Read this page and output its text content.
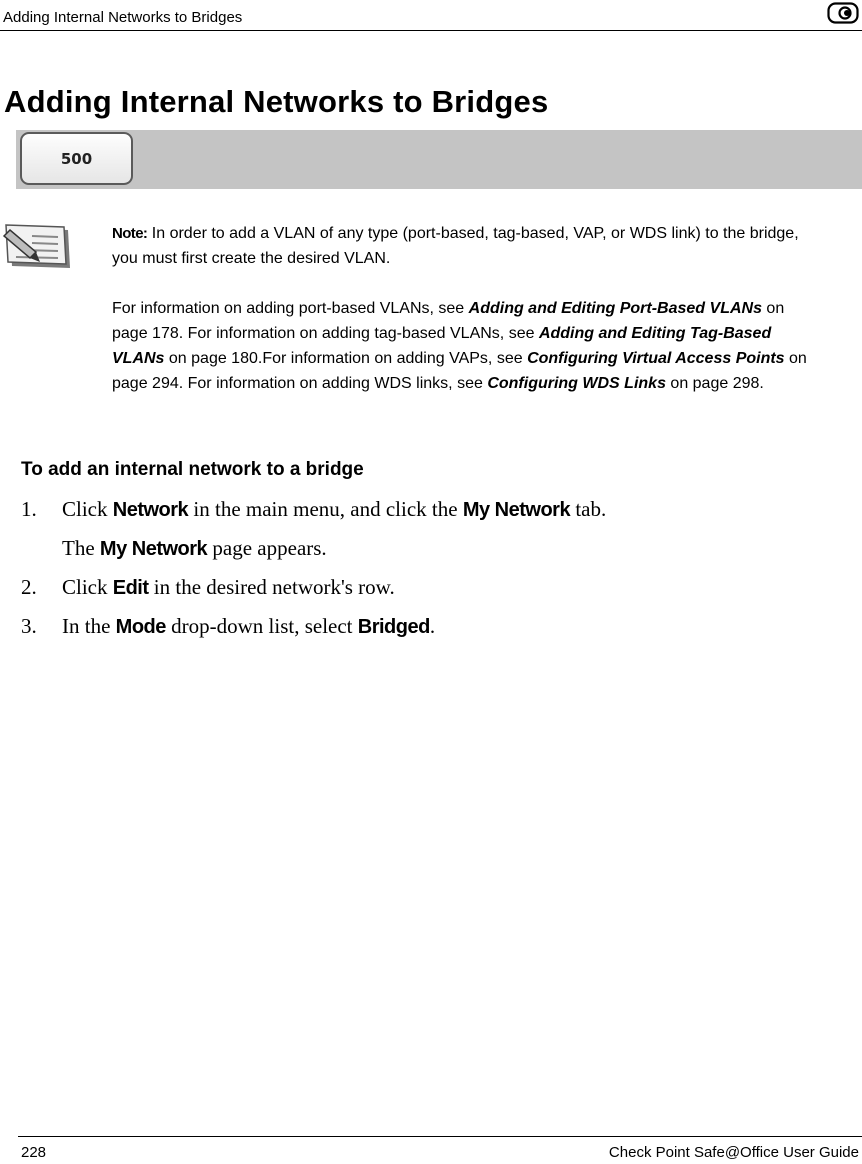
Adding Internal Networks to Bridges
Adding Internal Networks to Bridges
500

Note: In order to add a VLAN of any type (port-based, tag-based, VAP, or WDS link) to the bridge, you must first create the desired VLAN.

For information on adding port-based VLANs, see Adding and Editing Port-Based VLANs on page 178. For information on adding tag-based VLANs, see Adding and Editing Tag-Based VLANs on page 180.For information on adding VAPs, see Configuring Virtual Access Points on page 294. For information on adding WDS links, see Configuring WDS Links on page 298.

To add an internal network to a bridge
1. Click Network in the main menu, and click the My Network tab.
The My Network page appears.
2. Click Edit in the desired network's row.
3. In the Mode drop-down list, select Bridged.
228	Check Point Safe@Office User Guide
